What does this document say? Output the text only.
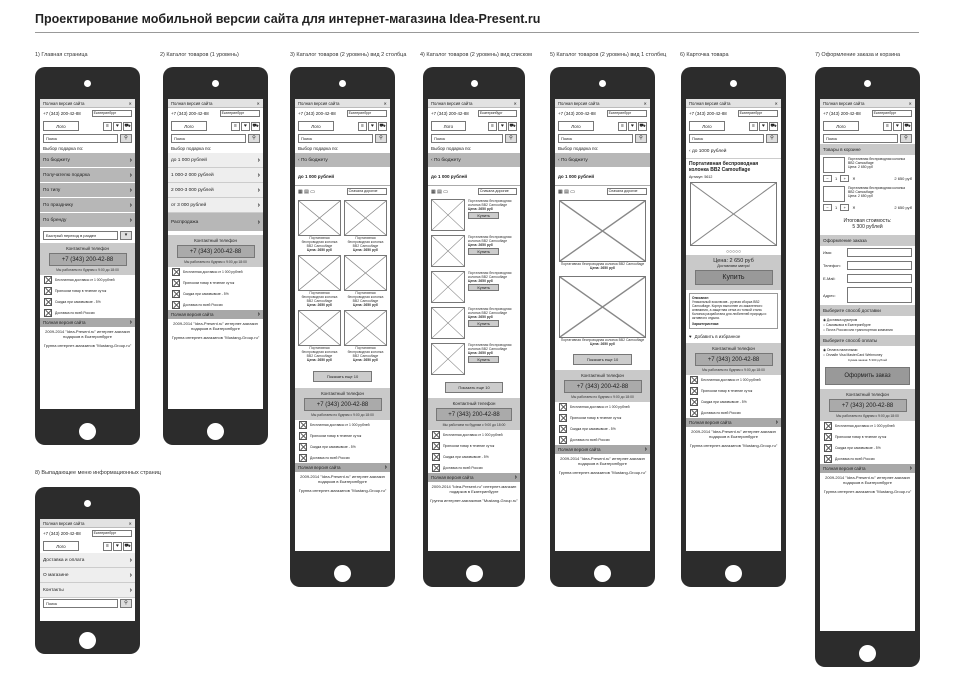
Проектирование мобильной версии сайта для интернет-магазина Idea-Present.ru
1) Главная страница	2) Каталог товаров (1 уровень)	3) Каталог товаров (2 уровень) вид 2 столбца 4) Каталог товаров (2 уровень) вид списком	5) Каталог товаров (2 уровень) вид 1 столбец 6) Карточка товара	7) Оформление заказа и корзина
8) Выпадающее меню информационных страниц
Полная версия сайта	✕
+7 (343) 200-42-88	Екатеринбург
Лого	≡	♥	⛟
Поиск	⚲
Выбор подарка по:
По бюджету	›
Получателю подарка	›
По типу	›
По празднику	›
По бренду	›
Быстрый переход в раздел	▾
Контактный телефон
+7 (343) 200-42-88
Мы работаем по будням с 9:00 до 18:00
Бесплатная доставка от 1 000 рублей
Приносим товар в течение суток
Скидка при самовывозе - 5%
Доставка по всей России
Полная версия сайта	›
2009-2014 "Idea-Present.ru" интернет-магазин подарков в Екатеринбурге
Группа интернет-магазинов "Mustang-Group.ru"
Полная версия сайта	✕
+7 (343) 200-42-88	Екатеринбург
Лого	≡	♥	⛟
Поиск	⚲
Выбор подарка по:
до 1 000 рублей	›
1 000-2 000 рублей	›
2 000-3 000 рублей	›
от 3 000 рублей	›
Распродажа	›
Контактный телефон
+7 (343) 200-42-88
Мы работаем по будням с 9:00 до 18:00
Бесплатная доставка от 1 000 рублей
Приносим товар в течение суток
Скидка при самовывозе - 5%
Доставка по всей России
Полная версия сайта	›
2009-2014 "Idea-Present.ru" интернет-магазин подарков в Екатеринбурге
Группа интернет-магазинов "Mustang-Group.ru"
Полная версия сайта	✕
+7 (343) 200-42-88	Екатеринбург
Лого	≡	♥	⛟
Поиск	⚲
Выбор подарка по:
‹ По бюджету
до 1 000 рублей
▦ ▤ ▭	Сначала дорогие
Портативная беспроводная колонка BB2 Camouflage
Цена: 2650 руб
Портативная беспроводная колонка BB2 Camouflage
Цена: 2650 руб
Портативная беспроводная колонка BB2 Camouflage
Цена: 2650 руб
Портативная беспроводная колонка BB2 Camouflage
Цена: 2650 руб
Портативная беспроводная колонка BB2 Camouflage
Цена: 2650 руб
Портативная беспроводная колонка BB2 Camouflage
Цена: 2650 руб
Показать еще 10
Контактный телефон
+7 (343) 200-42-88
Мы работаем по будням с 9:00 до 18:00
Бесплатная доставка от 1 000 рублей
Приносим товар в течение суток
Скидка при самовывозе - 5%
Доставка по всей России
Полная версия сайта	›
2009-2014 "Idea-Present.ru" интернет-магазин подарков в Екатеринбурге
Группа интернет-магазинов "Mustang-Group.ru"
Полная версия сайта	✕
+7 (343) 200-42-88	Екатеринбург
Лого	≡	♥	⛟
Поиск	⚲
Выбор подарка по:
‹ По бюджету
до 1 000 рублей
▦ ▤ ▭	Сначала дорогие
Портативная беспроводная колонка BB2 Camouflage
Цена: 2650 руб
Купить
Портативная беспроводная колонка BB2 Camouflage
Цена: 2650 руб
Купить
Портативная беспроводная колонка BB2 Camouflage
Цена: 2650 руб
Купить
Портативная беспроводная колонка BB2 Camouflage
Цена: 2650 руб
Купить
Портативная беспроводная колонка BB2 Camouflage
Цена: 2650 руб
Купить
Показать еще 10
Контактный телефон
+7 (343) 200-42-88
Мы работаем по будням с 9:00 до 18:00
Бесплатная доставка от 1 000 рублей
Приносим товар в течение суток
Скидка при самовывозе - 5%
Доставка по всей России
Полная версия сайта	›
2009-2014 "Idea-Present.ru" интернет-магазин подарков в Екатеринбурге
Группа интернет-магазинов "Mustang-Group.ru"
Полная версия сайта	✕
+7 (343) 200-42-88	Екатеринбург
Лого	≡	♥	⛟
Поиск	⚲
Выбор подарка по:
‹ По бюджету
до 1 000 рублей
▦ ▤ ▭	Сначала дорогие
Портативная беспроводная колонка BB2 Camouflage
Цена: 2650 руб
Портативная беспроводная колонка BB2 Camouflage
Цена: 2650 руб
Показать еще 10
Контактный телефон
+7 (343) 200-42-88
Мы работаем по будням с 9:00 до 18:00
Бесплатная доставка от 1 000 рублей
Приносим товар в течение суток
Скидка при самовывозе - 5%
Доставка по всей России
Полная версия сайта	›
2009-2014 "Idea-Present.ru" интернет-магазин подарков в Екатеринбурге
Группа интернет-магазинов "Mustang-Group.ru"
Полная версия сайта	✕
+7 (343) 200-42-88	Екатеринбург
Лого	≡	♥	⛟
Поиск	⚲
‹ до 1000 рублей
Портативная беспроводная колонка BB2 Camouflage
Артикул: 5612
○○○○○
Цена: 2 650 руб
Доставляем завтра!
Купить
Описание:
Уникальный эксклюзив - ручная сборка BB2 Camouflage. Корпус выполнен из закаленного алюминия, а защитная сетка из тонкой стали. Колонка разработана для любителей природы и активного отдыха.
Характеристики:
♥ Добавить в избранное
Контактный телефон
+7 (343) 200-42-88
Мы работаем по будням с 9:00 до 18:00
Бесплатная доставка от 1 000 рублей
Приносим товар в течение суток
Скидка при самовывозе - 5%
Доставка по всей России
Полная версия сайта	›
2009-2014 "Idea-Present.ru" интернет-магазин подарков в Екатеринбурге
Группа интернет-магазинов "Mustang-Group.ru"
Полная версия сайта	✕
+7 (343) 200-42-88	Екатеринбург
Лого	≡	♥	⛟
Поиск	⚲
Товары в корзине
Портативная беспроводная колонка BB2 Camouflage
Цена: 2 650 руб
−	1	+	✕	2 650 руб
Портативная беспроводная колонка BB2 Camouflage
Цена: 2 650 руб
−	1	+	✕	2 650 руб
Итоговая стоимость:
5 300 рублей
Оформление заказа
Имя:
Телефон:
E-Mail:
Адрес:
Выберите способ доставки
◉ Доставка курьером
○ Самовывоз в Екатеринбурге
○ Почта России или транспортная компания
Выберите способ оплаты
◉ Оплата наличными
○ Онлайн Visa MasterCard Webmoney
Сумма заказа: 5 300 рублей
Оформить заказ
Контактный телефон
+7 (343) 200-42-88
Мы работаем по будням с 9:00 до 18:00
Бесплатная доставка от 1 000 рублей
Приносим товар в течение суток
Скидка при самовывозе - 5%
Доставка по всей России
Полная версия сайта	›
2009-2014 "Idea-Present.ru" интернет-магазин подарков в Екатеринбурге
Группа интернет-магазинов "Mustang-Group.ru"
Полная версия сайта	✕
+7 (343) 200-42-88	Екатеринбург
Лого	≡	♥	⛟
Доставка и оплата	›
О магазине	›
Контакты	›
Поиск	⚲
